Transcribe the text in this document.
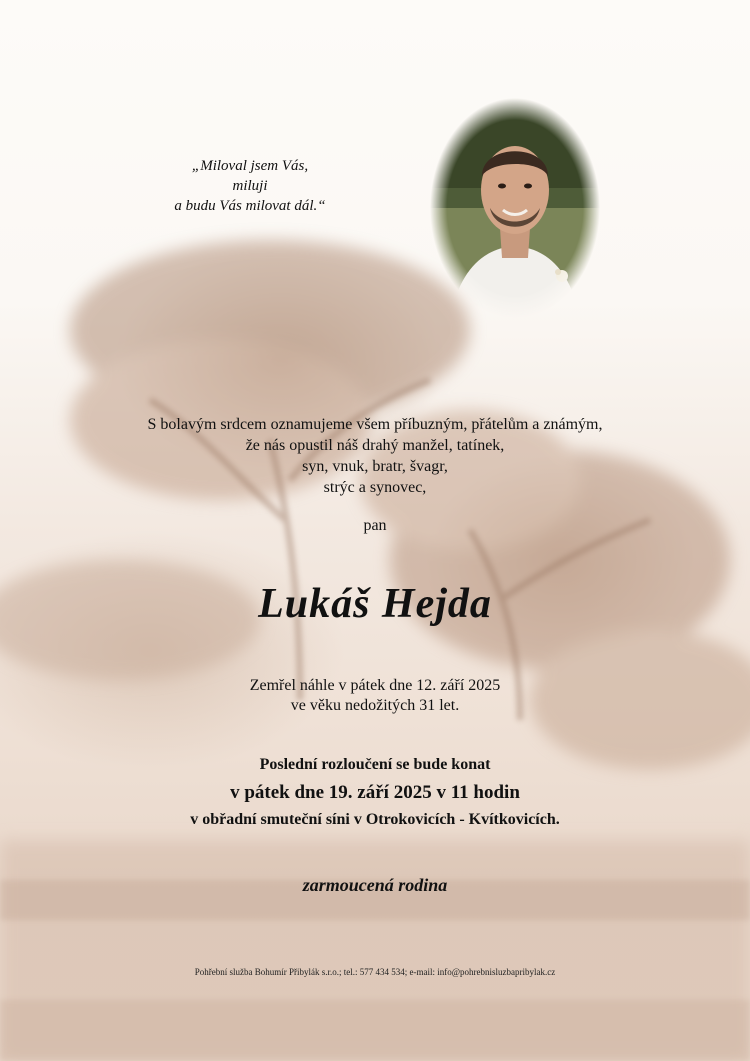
„Miloval jsem Vás,
miluji
a budu Vás milovat dál.“
S bolavým srdcem oznamujeme všem příbuzným, přátelům a známým,
že nás opustil náš drahý manžel, tatínek,
syn, vnuk, bratr, švagr,
strýc a synovec,
pan
Lukáš Hejda
Zemřel náhle v pátek dne 12. září 2025
ve věku nedožitých 31 let.
Poslední rozloučení se bude konat
v pátek dne 19. září 2025 v 11 hodin
v obřadní smuteční síni v Otrokovicích - Kvítkovicích.
zarmoucená rodina
Pohřební služba Bohumír Přibylák s.r.o.; tel.: 577 434 534; e-mail: info@pohrebnisluzbapribylak.cz
